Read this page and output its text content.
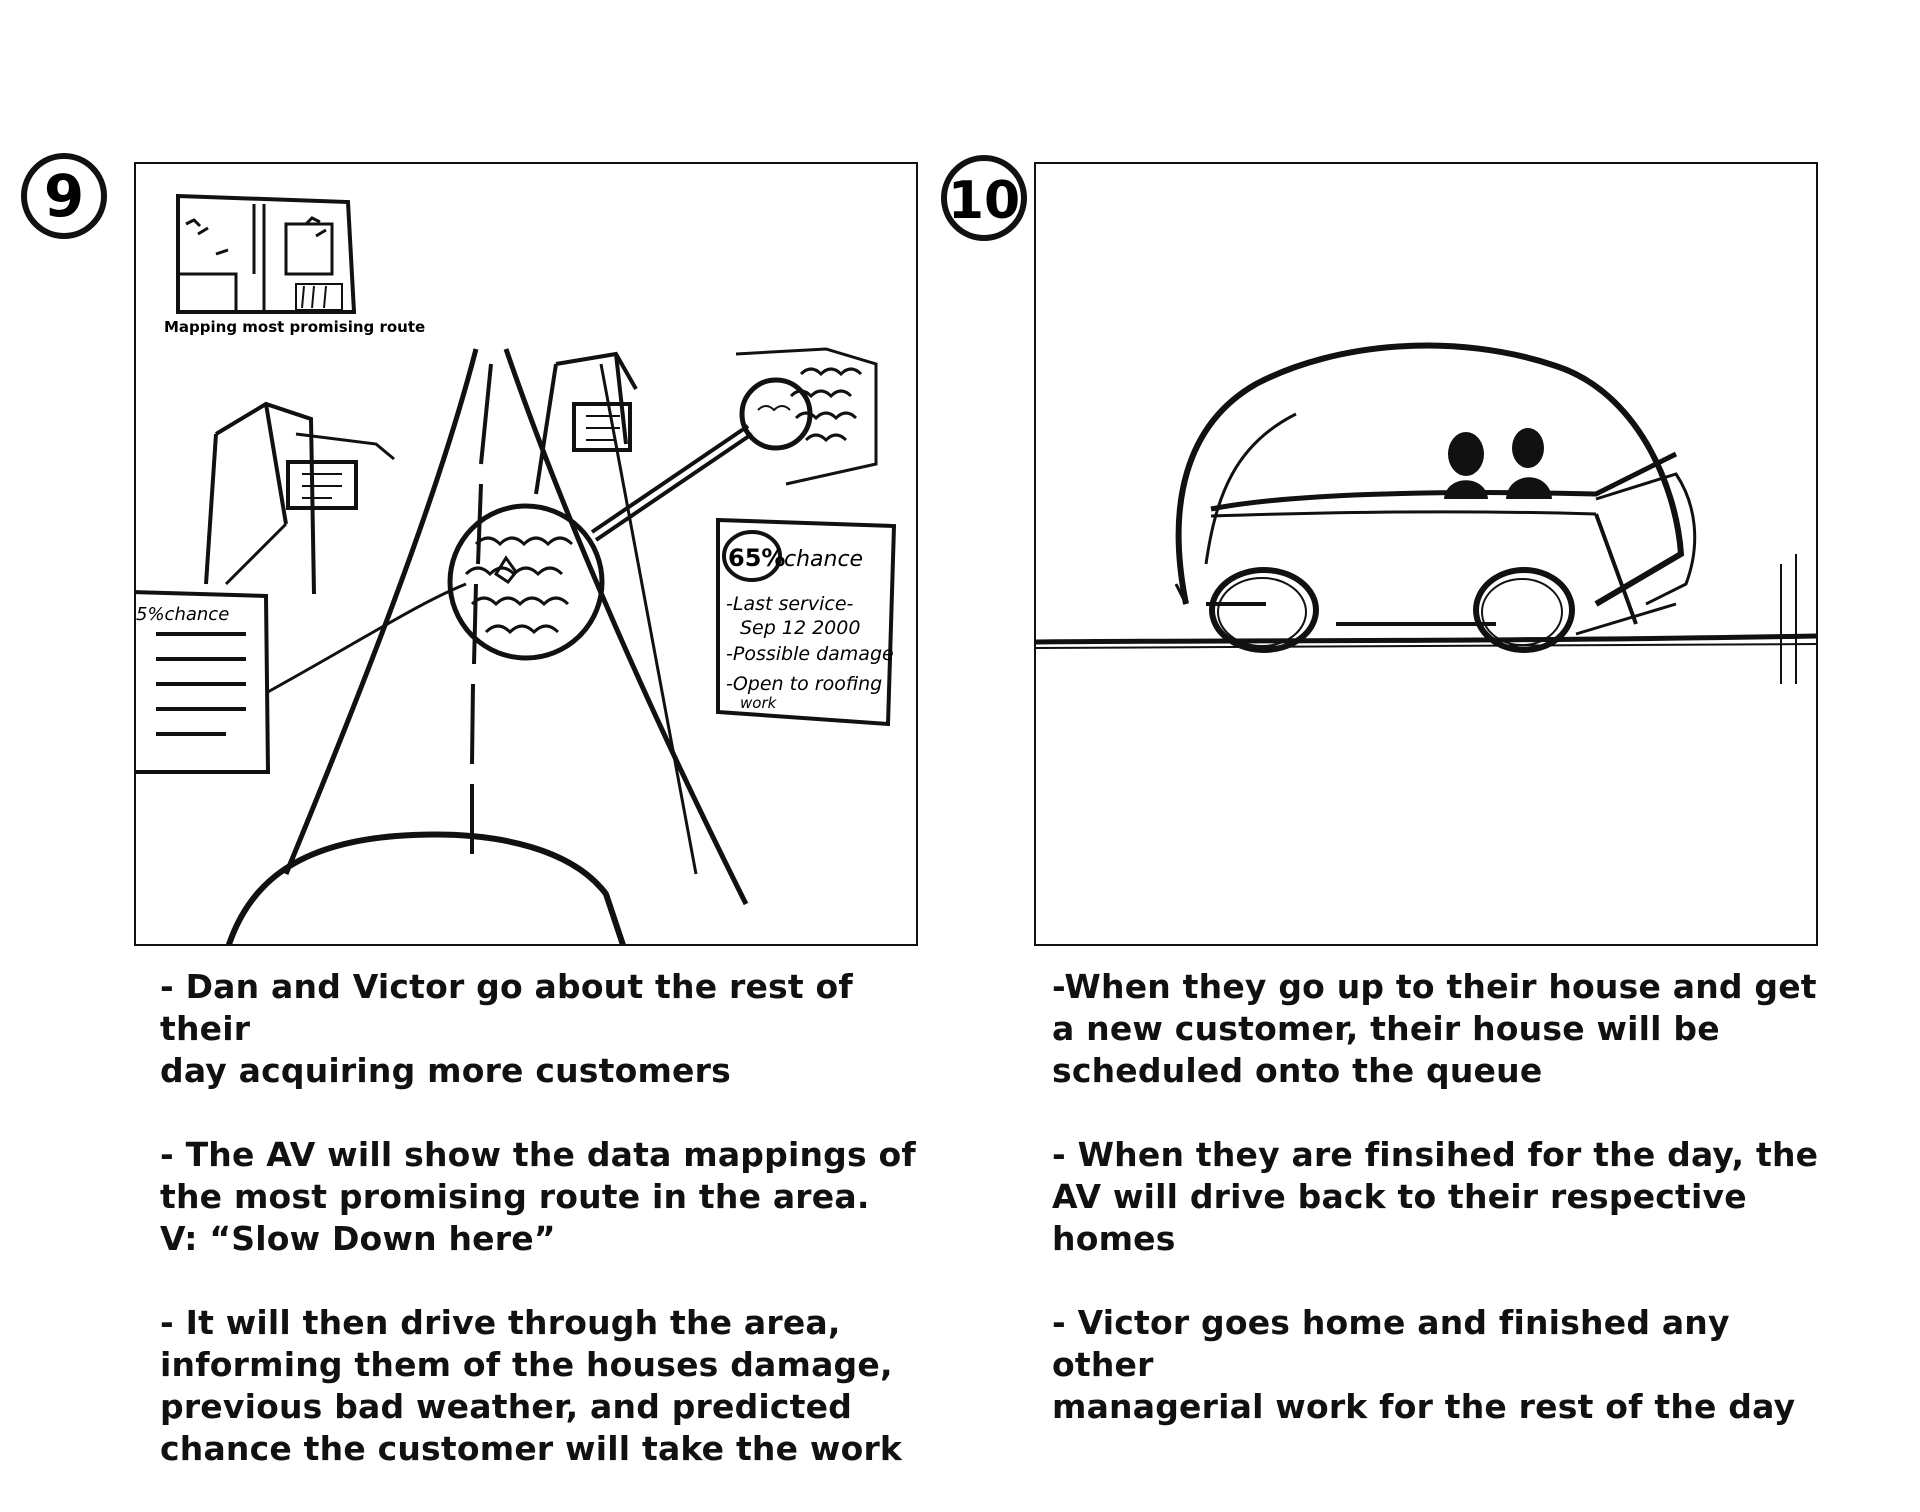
9
Mapping most promising route
5%chance
65%
chance
-Last service-
Sep 12 2000
-Possible damage
-Open to roofing
work

- Dan and Victor go about the rest of their
day acquiring more customers

- The AV will show the data mappings of
the most promising route in the area.
V: “Slow Down here”

- It will then drive through the area,
informing them of the houses damage,
previous bad weather, and predicted
chance the customer will take the work

10

-When they go up to their house and get
a new customer, their house will be
scheduled onto the queue

- When they are finsihed for the day, the
AV will drive back to their respective
homes

- Victor goes home and finished any other
managerial work for the rest of the day
